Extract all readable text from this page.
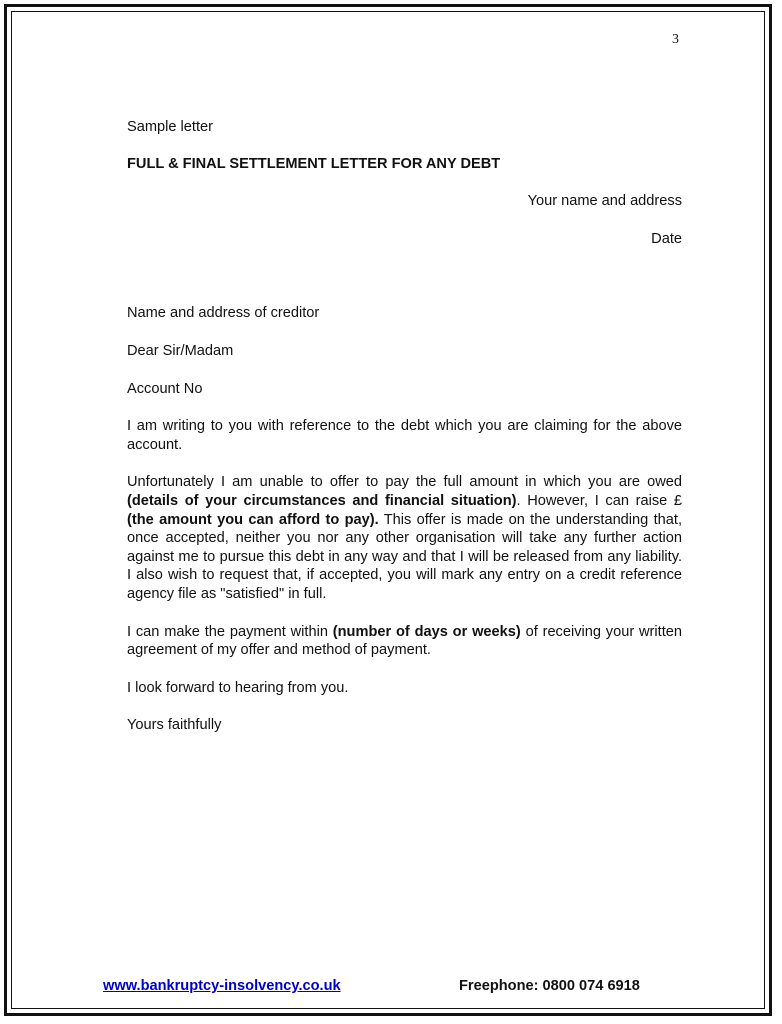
3

Sample letter

FULL & FINAL SETTLEMENT LETTER FOR ANY DEBT

Your name and address

Date

Name and address of creditor

Dear Sir/Madam

Account No

I am writing to you with reference to the debt which you are claiming for the above account.

Unfortunately I am unable to offer to pay the full amount in which you are owed (details of your circumstances and financial situation). However, I can raise £ (the amount you can afford to pay). This offer is made on the understanding that, once accepted, neither you nor any other organisation will take any further action against me to pursue this debt in any way and that I will be released from any liability. I also wish to request that, if accepted, you will mark any entry on a credit reference agency file as "satisfied" in full.

I can make the payment within (number of days or weeks) of receiving your written agreement of my offer and method of payment.

I look forward to hearing from you.

Yours faithfully

www.bankruptcy-insolvency.co.uk	Freephone: 0800 074 6918
